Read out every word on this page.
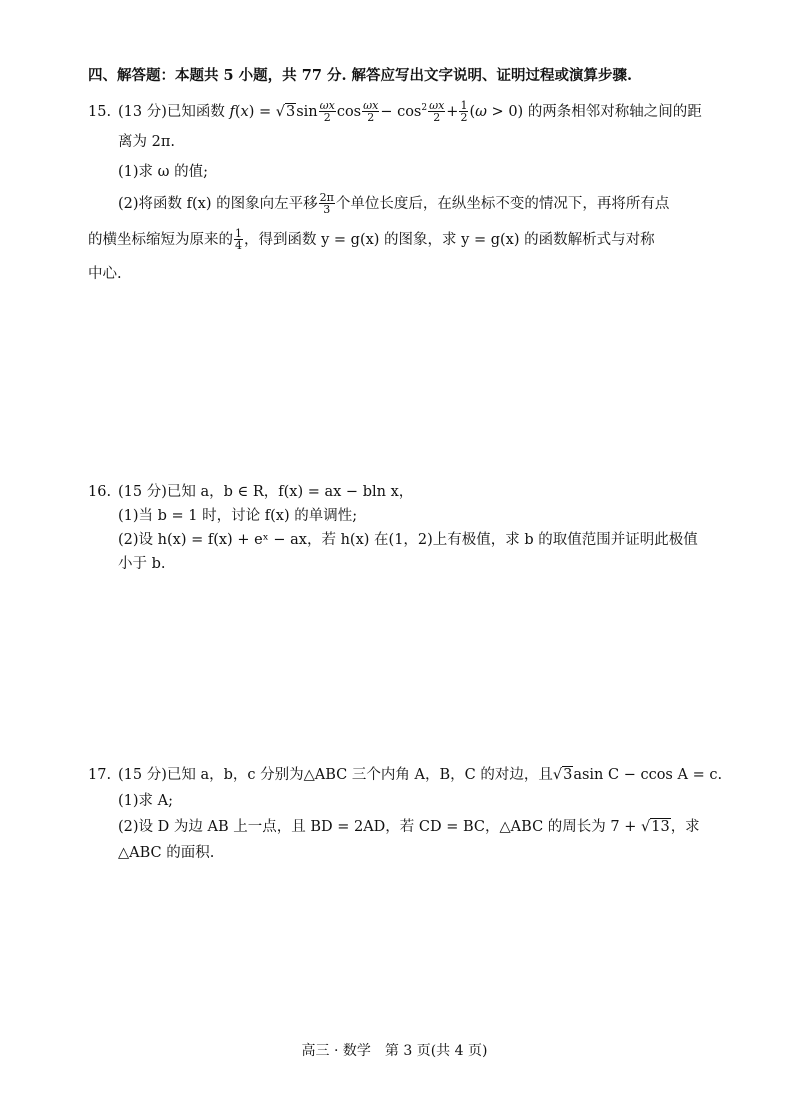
四、解答题：本题共 5 小题，共 77 分. 解答应写出文字说明、证明过程或演算步骤.
15. (13 分)已知函数 $f(x) = √3\sin \frac{\omega x}{2}$ $\cos \frac{\omega x}{2} - \cos^2 \frac{\omega x}{2} + \frac{1}{2} (\omega > 0)$ 的两条相邻对称轴之间的距
离为 2π.
(1)求 ω 的值;
(2)将函数 f(x) 的图象向左平移 $\frac{2\pi}{3}$ 个单位长度后，在纵坐标不变的情况下，再将所有点
的横坐标缩短为原来的 $\frac{1}{4}$ ，得到函数 y = g(x) 的图象，求 y = g(x) 的函数解析式与对称
中心.
16. (15 分)已知 a，b ∈ R，f(x) = ax − bln x，
(1)当 b = 1 时，讨论 f(x) 的单调性;
(2)设 h(x) = f(x) + eˣ − ax，若 h(x) 在(1，2)上有极值，求 b 的取值范围并证明此极值
小于 b.
17. (15 分)已知 a，b，c 分别为△ABC 三个内角 A，B，C 的对边，且√3asin C − ccos A = c.
(1)求 A;
(2)设 D 为边 AB 上一点，且 BD = 2AD，若 CD = BC，△ABC 的周长为 7 + √13，求
△ABC 的面积.
高三 · 数学　第 3 页(共 4 页)
